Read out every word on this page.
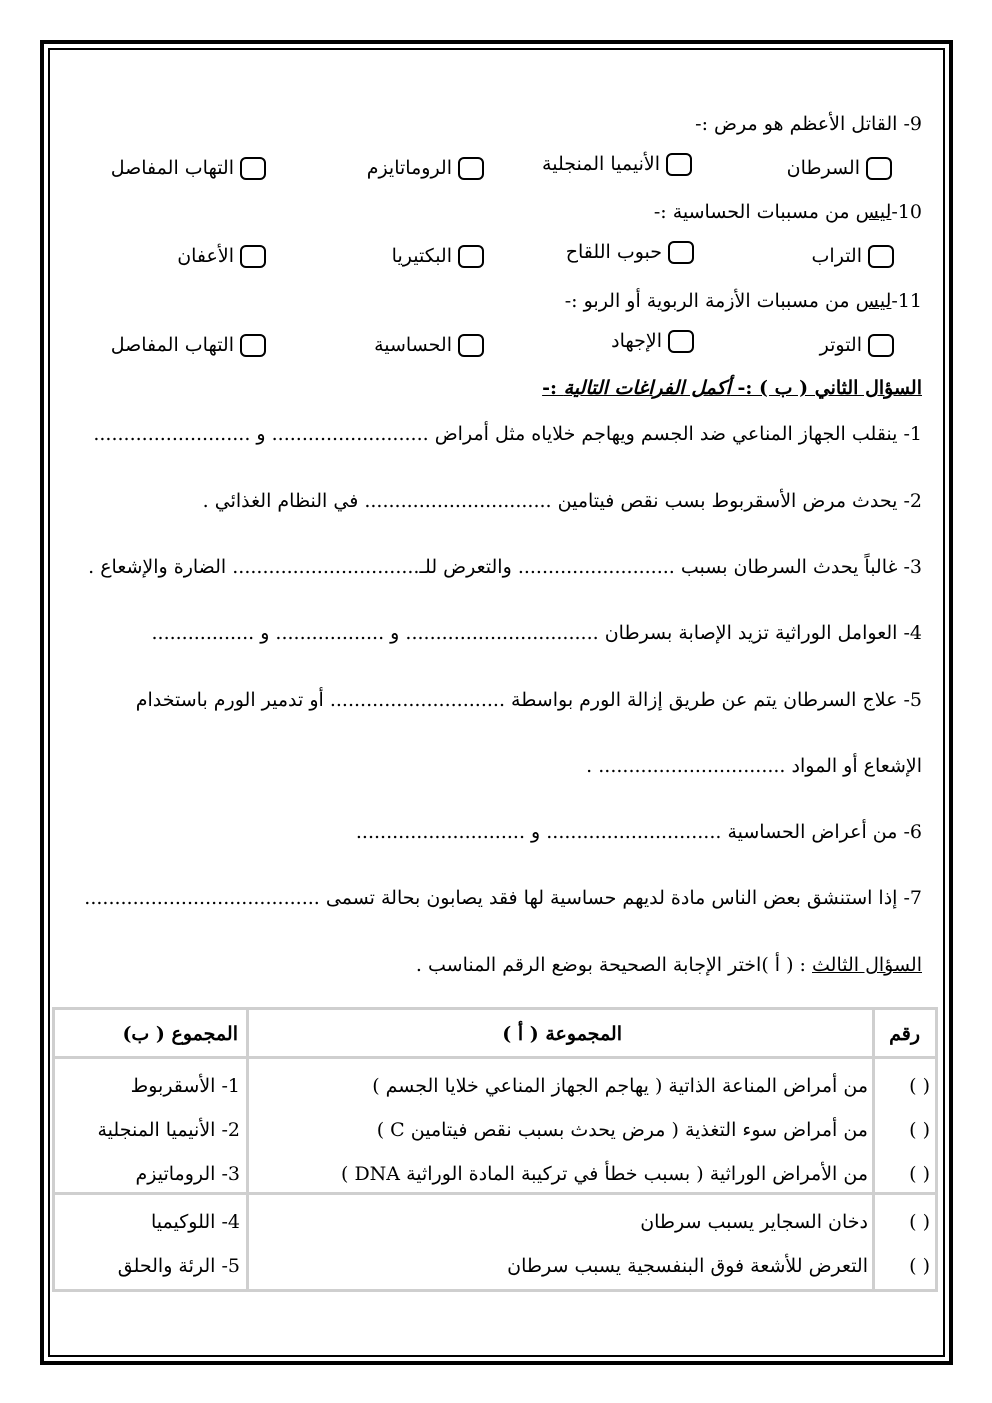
9- القاتل الأعظم هو مرض :-
السرطان
الأنيميا المنجلية
الروماتايزم
التهاب المفاصل
10-ليس من مسببات الحساسية :-
التراب
حبوب اللقاح
البكتيريا
الأعفان
11-ليس من مسببات الأزمة الربوية أو الربو :-
التوتر
الإجهاد
الحساسية
التهاب المفاصل
السؤال الثاني ( ب ) :- أكمل الفراغات التالية :-
1- ينقلب الجهاز المناعي ضد الجسم ويهاجم خلاياه مثل أمراض .......................... و ..........................
2- يحدث مرض الأسقربوط بسب نقص فيتامين ............................... في النظام الغذائي .
3- غالباً يحدث السرطان بسبب .......................... والتعرض للـ............................... الضارة والإشعاع .
4- العوامل الوراثية تزيد الإصابة بسرطان ................................ و .................. و .................
5- علاج السرطان يتم عن طريق إزالة الورم بواسطة ............................. أو تدمير الورم باستخدام
الإشعاع أو المواد ............................... .
6- من أعراض الحساسية ............................. و ............................
7- إذا استنشق بعض الناس مادة لديهم حساسية لها فقد يصابون بحالة تسمى .......................................
السؤال الثالث : ( أ )اختر الإجابة الصحيحة بوضع الرقم المناسب .
رقم
المجموعة ( أ )
المجموع ( ب)
( )
من أمراض المناعة الذاتية ( يهاجم الجهاز المناعي خلايا الجسم )
1- الأسقربوط
( )
من أمراض سوء التغذية ( مرض يحدث بسبب نقص فيتامين C )
2- الأنيميا المنجلية
( )
من الأمراض الوراثية ( بسبب خطأ في تركيبة المادة الوراثية DNA )
3- الروماتيزم
( )
دخان السجاير يسبب سرطان
4- اللوكيميا
( )
التعرض للأشعة فوق البنفسجية يسبب سرطان
5- الرئة والحلق
